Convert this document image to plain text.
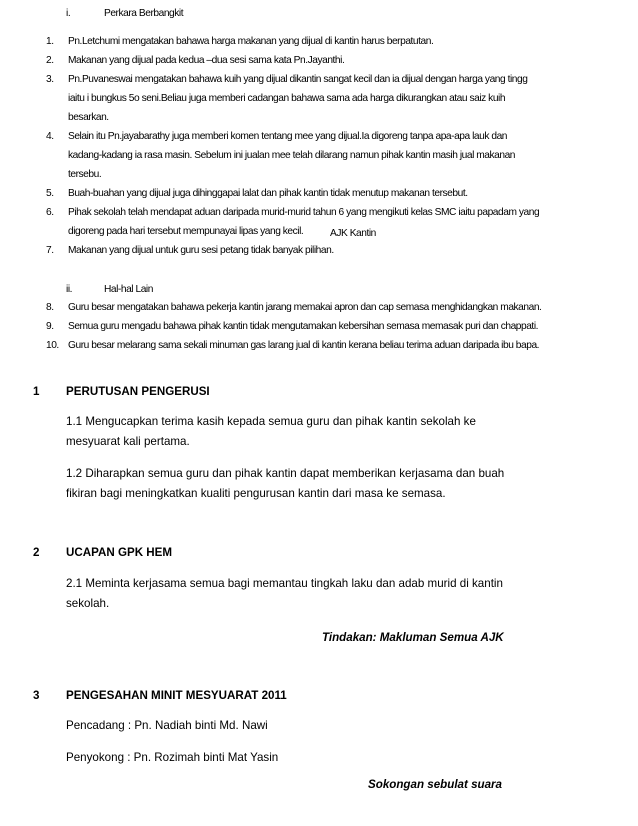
i.	Perkara Berbangkit
1. Pn.Letchumi mengatakan bahawa harga makanan yang dijual di kantin harus berpatutan.
2. Makanan yang dijual pada kedua –dua sesi sama kata Pn.Jayanthi.
3. Pn.Puvaneswai mengatakan bahawa kuih yang dijual dikantin sangat kecil dan ia dijual dengan harga yang tingg
iaitu i bungkus 5o seni.Beliau juga memberi cadangan bahawa sama ada harga dikurangkan atau saiz kuih
besarkan.
4. Selain itu Pn.jayabarathy juga memberi komen tentang mee yang dijual.Ia digoreng tanpa apa-apa lauk dan
kadang-kadang ia rasa masin. Sebelum ini jualan mee telah dilarang namun pihak kantin masih jual makanan
tersebu.
5. Buah-buahan yang dijual juga dihinggapai lalat dan pihak kantin tidak menutup makanan tersebut.
6. Pihak sekolah telah mendapat aduan daripada murid-murid tahun 6 yang mengikuti kelas SMC iaitu papadam yang
digoreng pada hari tersebut mempunayai lipas yang kecil.
7. Makanan yang dijual untuk guru sesi petang tidak banyak pilihan.
AJK Kantin
ii.	Hal-hal Lain
8. Guru besar mengatakan bahawa pekerja kantin jarang memakai apron dan cap semasa menghidangkan makanan.
9. Semua guru mengadu bahawa pihak kantin tidak mengutamakan kebersihan semasa memasak puri dan chappati.
10. Guru besar melarang sama sekali minuman gas larang jual di kantin kerana beliau terima aduan daripada ibu bapa.
1 PERUTUSAN PENGERUSI
1.1 Mengucapkan terima kasih kepada semua guru dan pihak kantin sekolah ke
mesyuarat kali pertama.
1.2 Diharapkan semua guru dan pihak kantin dapat memberikan kerjasama dan buah
fikiran bagi meningkatkan kualiti pengurusan kantin dari masa ke semasa.
2 UCAPAN GPK HEM
2.1 Meminta kerjasama semua bagi memantau tingkah laku dan adab murid di kantin
sekolah.
Tindakan: Makluman Semua AJK
3 PENGESAHAN MINIT MESYUARAT 2011
Pencadang : Pn. Nadiah binti Md. Nawi
Penyokong : Pn. Rozimah binti Mat Yasin
Sokongan sebulat suara
